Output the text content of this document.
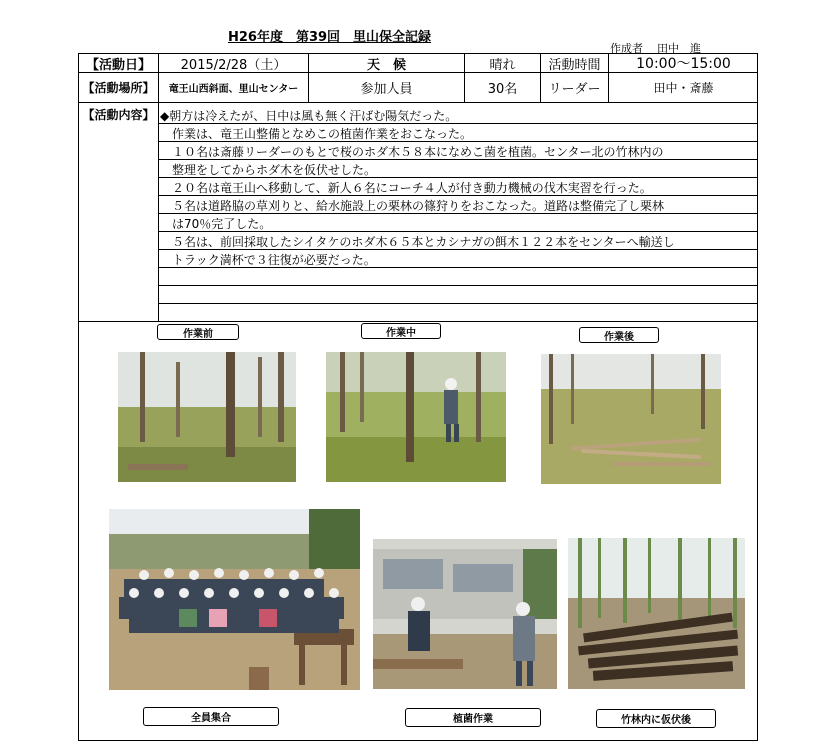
H26年度　第39回　里山保全記録
作成者 田中　進
【活動日】	2015/2/28（土）	天　候	晴れ	活動時間	10:00～15:00
【活動場所】	竜王山西斜面、里山センター	参加人員	30名	リーダー	田中・斎藤
【活動内容】 ◆朝方は冷えたが、日中は風も無く汗ばむ陽気だった。
　作業は、竜王山整備となめこの植菌作業をおこなった。
　１０名は斎藤リーダーのもとで桜のホダ木５８本になめこ菌を植菌。センター北の竹林内の
　整理をしてからホダ木を仮伏せした。
　２０名は竜王山へ移動して、新人６名にコーチ４人が付き動力機械の伐木実習を行った。
　５名は道路脇の草刈りと、給水施設上の栗林の篠狩りをおこなった。道路は整備完了し栗林
　は70％完了した。
　５名は、前回採取したシイタケのホダ木６５本とカシナガの餌木１２２本をセンターへ輸送し
　トラック満杯で３往復が必要だった。
作業前	作業中	作業後
全員集合	植菌作業	竹林内に仮伏後
